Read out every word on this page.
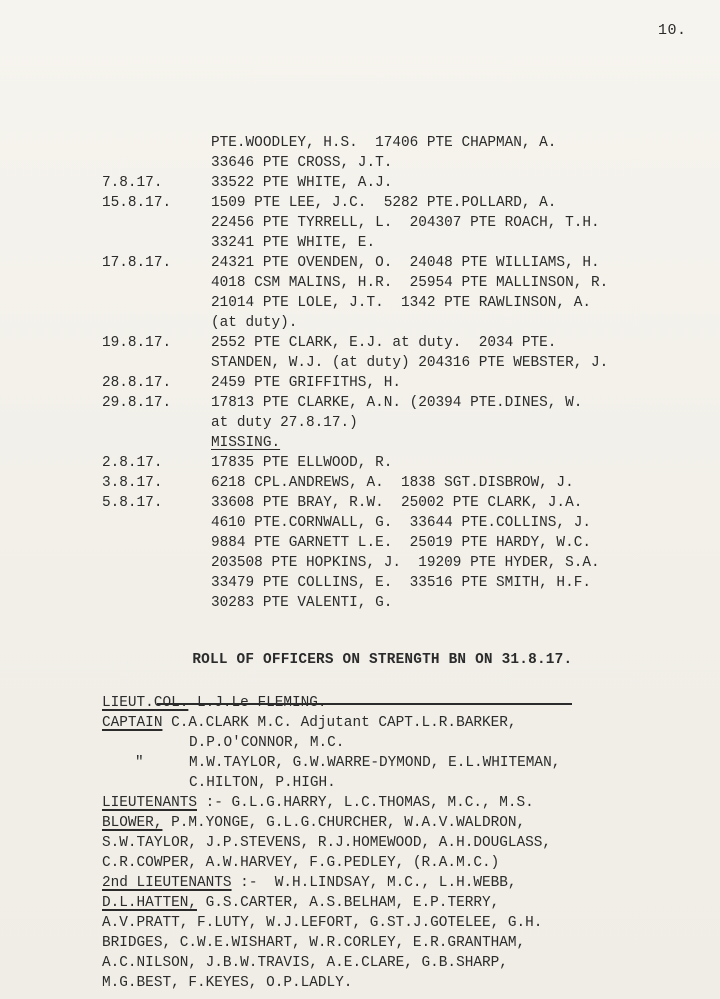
10.
PTE.WOODLEY, H.S.  17406 PTE CHAPMAN, A.
33646 PTE CROSS, J.T.
7.8.17.	33522 PTE WHITE, A.J.
15.8.17.	1509 PTE LEE, J.C.  5282 PTE.POLLARD, A.
22456 PTE TYRRELL, L.  204307 PTE ROACH, T.H.
33241 PTE WHITE, E.
17.8.17.	24321 PTE OVENDEN, O.  24048 PTE WILLIAMS, H.
4018 CSM MALINS, H.R.  25954 PTE MALLINSON, R.
21014 PTE LOLE, J.T.  1342 PTE RAWLINSON, A.
(at duty).
19.8.17.	2552 PTE CLARK, E.J. at duty.  2034 PTE.
STANDEN, W.J. (at duty) 204316 PTE WEBSTER, J.
28.8.17.	2459 PTE GRIFFITHS, H.
29.8.17.	17813 PTE CLARKE, A.N. (20394 PTE.DINES, W.
at duty 27.8.17.)
MISSING.
2.8.17.	17835 PTE ELLWOOD, R.
3.8.17.	6218 CPL.ANDREWS, A.  1838 SGT.DISBROW, J.
5.8.17.	33608 PTE BRAY, R.W.  25002 PTE CLARK, J.A.
4610 PTE.CORNWALL, G.  33644 PTE.COLLINS, J.
9884 PTE GARNETT L.E.  25019 PTE HARDY, W.C.
203508 PTE HOPKINS, J.  19209 PTE HYDER, S.A.
33479 PTE COLLINS, E.  33516 PTE SMITH, H.F.
30283 PTE VALENTI, G.

ROLL OF OFFICERS ON STRENGTH BN ON 31.8.17.

LIEUT.COL. L.J.Le FLEMING.
CAPTAIN C.A.CLARK M.C. Adjutant CAPT.L.R.BARKER,
D.P.O'CONNOR, M.C.
"	M.W.TAYLOR, G.W.WARRE-DYMOND, E.L.WHITEMAN,
C.HILTON, P.HIGH.
LIEUTENANTS :- G.L.G.HARRY, L.C.THOMAS, M.C., M.S.
BLOWER, P.M.YONGE, G.L.G.CHURCHER, W.A.V.WALDRON,
S.W.TAYLOR, J.P.STEVENS, R.J.HOMEWOOD, A.H.DOUGLASS,
C.R.COWPER, A.W.HARVEY, F.G.PEDLEY, (R.A.M.C.)
2nd LIEUTENANTS :-  W.H.LINDSAY, M.C., L.H.WEBB,
D.L.HATTEN, G.S.CARTER, A.S.BELHAM, E.P.TERRY,
A.V.PRATT, F.LUTY, W.J.LEFORT, G.ST.J.GOTELEE, G.H.
BRIDGES, C.W.E.WISHART, W.R.CORLEY, E.R.GRANTHAM,
A.C.NILSON, J.B.W.TRAVIS, A.E.CLARE, G.B.SHARP,
M.G.BEST, F.KEYES, O.P.LADLY.
